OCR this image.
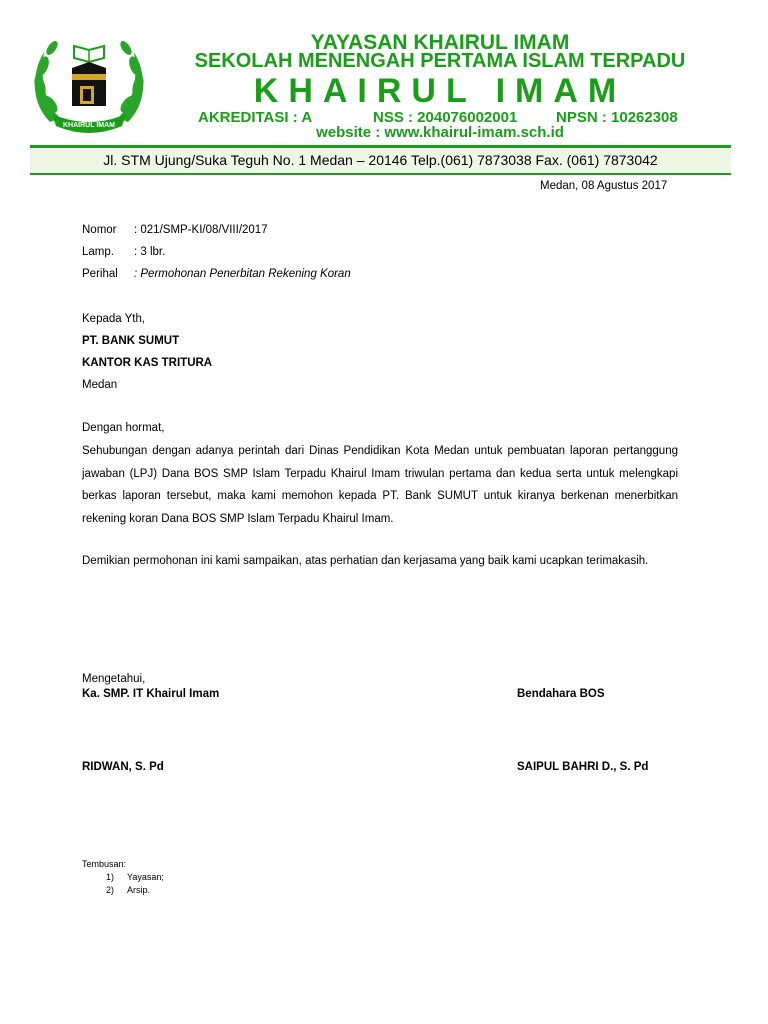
KHAIRUL IMAM
YAYASAN KHAIRUL IMAM
SEKOLAH MENENGAH PERTAMA ISLAM TERPADU
KHAIRUL IMAM
AKREDITASI : A	NSS : 204076002001	NPSN : 10262308
website : www.khairul-imam.sch.id
Jl. STM Ujung/Suka Teguh No. 1 Medan – 20146 Telp.(061) 7873038 Fax. (061) 7873042
Medan, 08 Agustus 2017
Nomor : 021/SMP-KI/08/VIII/2017
Lamp. : 3 lbr.
Perihal : Permohonan Penerbitan Rekening Koran
Kepada Yth,
PT. BANK SUMUT
KANTOR KAS TRITURA
Medan
Dengan hormat,
Sehubungan dengan adanya perintah dari Dinas Pendidikan Kota Medan untuk pembuatan laporan pertanggung jawaban (LPJ) Dana BOS SMP Islam Terpadu Khairul Imam triwulan pertama dan kedua serta untuk melengkapi berkas laporan tersebut, maka kami memohon kepada PT. Bank SUMUT untuk kiranya berkenan menerbitkan rekening koran Dana BOS SMP Islam Terpadu Khairul Imam.
Demikian permohonan ini kami sampaikan, atas perhatian dan kerjasama yang baik kami ucapkan terimakasih.
Mengetahui,
Ka. SMP. IT Khairul Imam	Bendahara BOS
RIDWAN, S. Pd	SAIPUL BAHRI D., S. Pd
Tembusan:
1) Yayasan;
2) Arsip.
